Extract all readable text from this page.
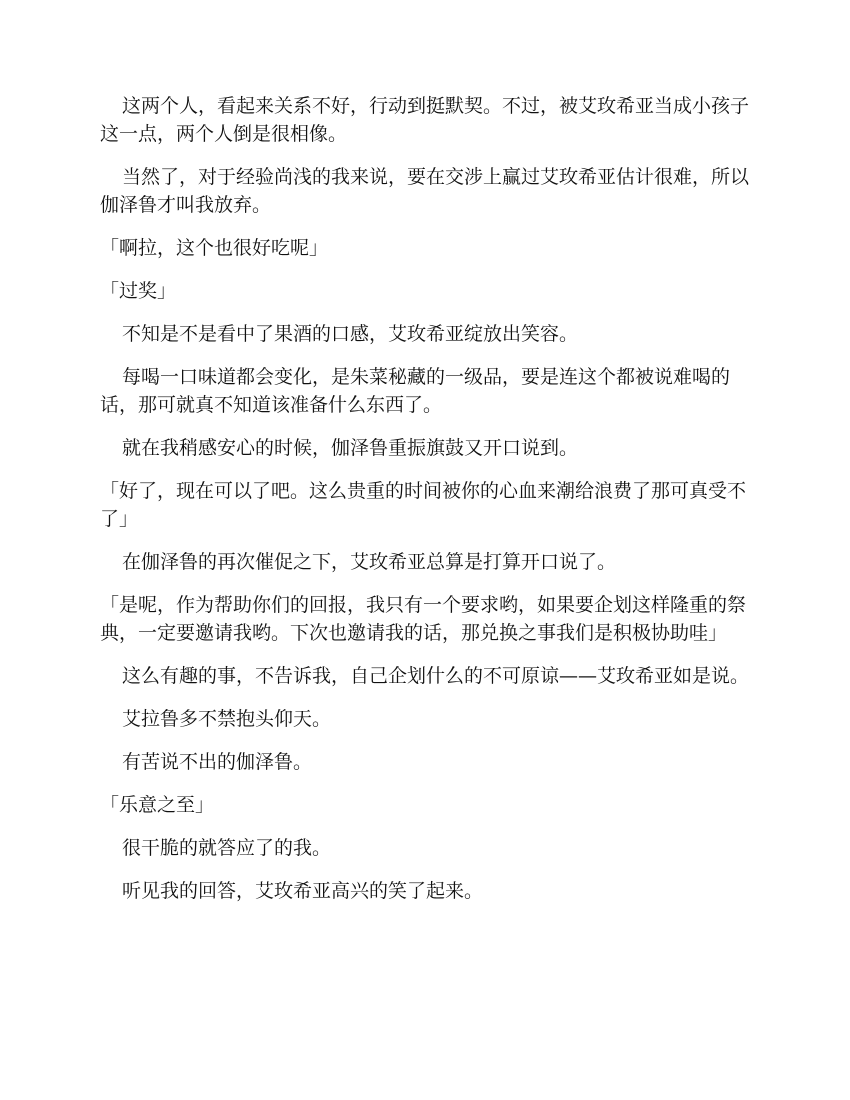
这两个人，看起来关系不好，行动到挺默契。不过，被艾玫希亚当成小孩子这一点，两个人倒是很相像。

当然了，对于经验尚浅的我来说，要在交涉上赢过艾玫希亚估计很难，所以伽泽鲁才叫我放弃。

「啊拉，这个也很好吃呢」

「过奖」

不知是不是看中了果酒的口感，艾玫希亚绽放出笑容。

每喝一口味道都会变化，是朱菜秘藏的一级品，要是连这个都被说难喝的话，那可就真不知道该准备什么东西了。

就在我稍感安心的时候，伽泽鲁重振旗鼓又开口说到。

「好了，现在可以了吧。这么贵重的时间被你的心血来潮给浪费了那可真受不了」

在伽泽鲁的再次催促之下，艾玫希亚总算是打算开口说了。

「是呢，作为帮助你们的回报，我只有一个要求哟，如果要企划这样隆重的祭典，一定要邀请我哟。下次也邀请我的话，那兑换之事我们是积极协助哇」

这么有趣的事，不告诉我，自己企划什么的不可原谅——艾玫希亚如是说。

艾拉鲁多不禁抱头仰天。

有苦说不出的伽泽鲁。

「乐意之至」

很干脆的就答应了的我。

听见我的回答，艾玫希亚高兴的笑了起来。
